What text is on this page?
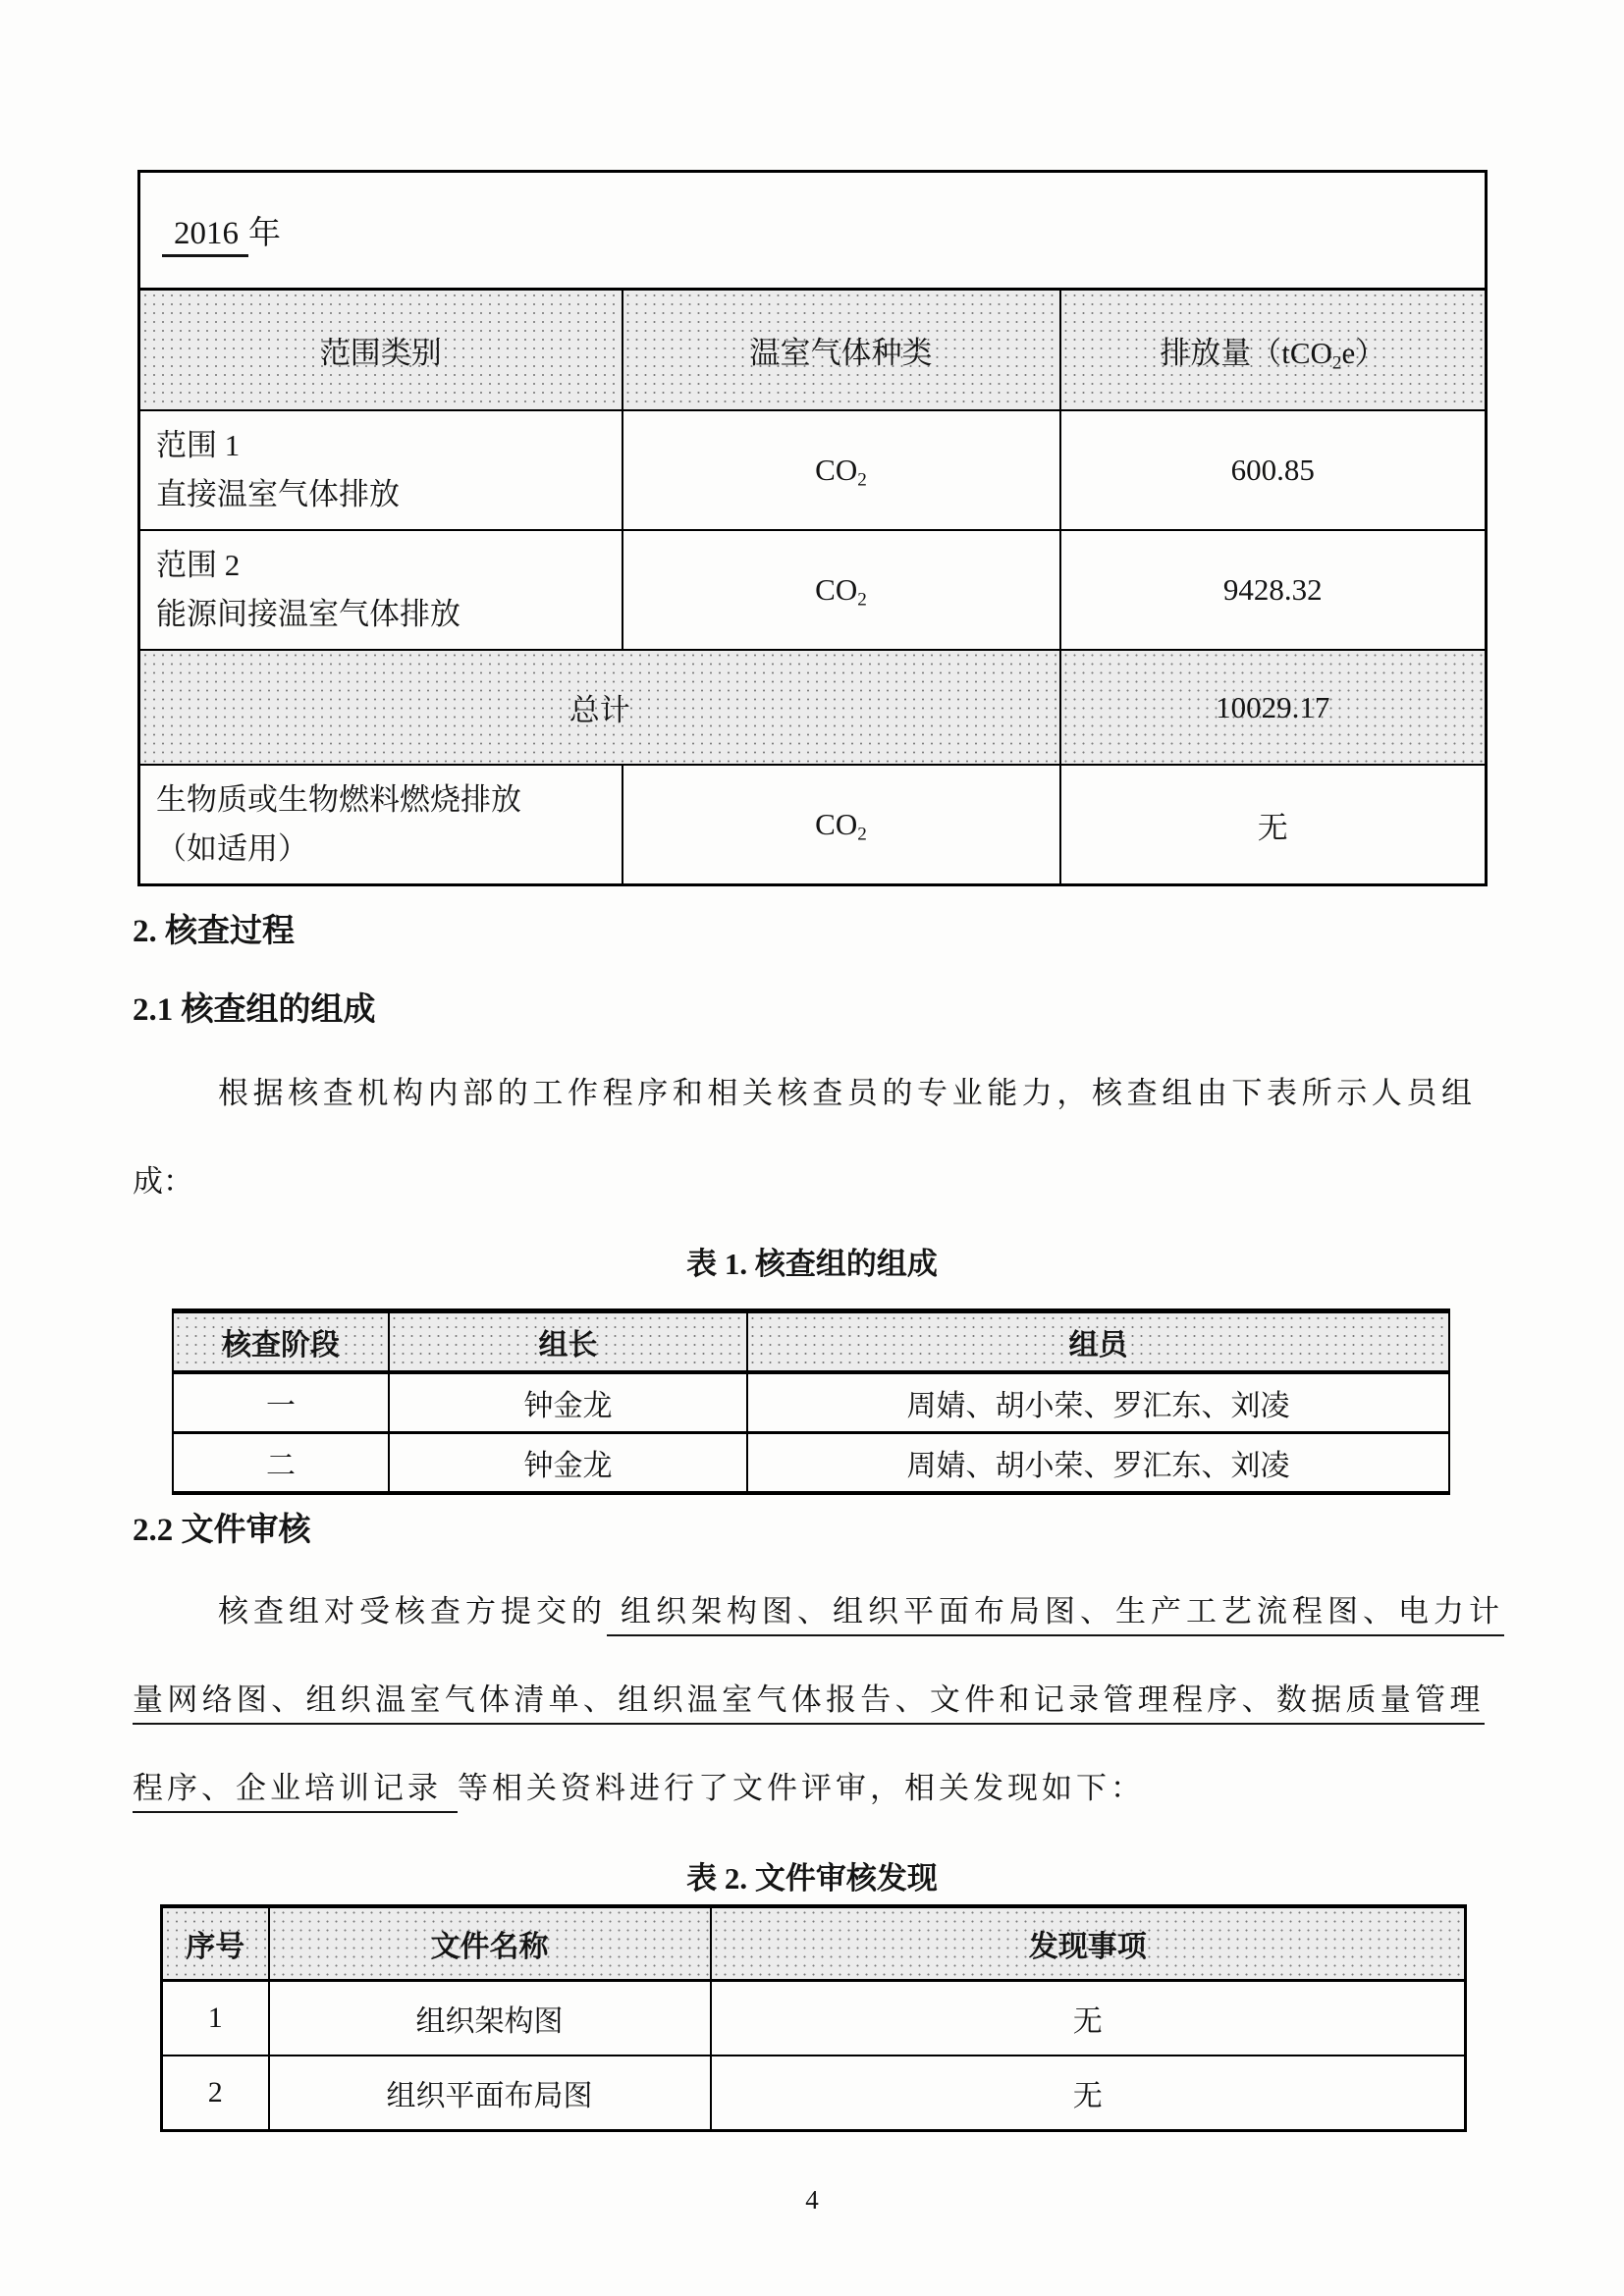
2016 年		
范围类别	温室气体种类	排放量（tCO$_2$e）

范围 1
直接温室气体排放	$CO_2$	600.85

范围 2
能源间接温室气体排放	$CO_2$	9428.32
总计		10029.17

生物质或生物燃料燃烧排放
（如适用）	$CO_2$	无
2. 核查过程
2.1 核查组的组成
根据核查机构内部的工作程序和相关核查员的专业能力，核查组由下表所示人员组
成：
表 1. 核查组的组成
核查阶段	组长	组员
一	钟金龙	周婧、胡小荣、罗汇东、刘凌
二	钟金龙	周婧、胡小荣、罗汇东、刘凌
2.2 文件审核
核查组对受核查方提交的 组织架构图、组织平面布局图、生产工艺流程图、电力计
量网络图、组织温室气体清单、组织温室气体报告、文件和记录管理程序、数据质量管理
程序、企业培训记录 等相关资料进行了文件评审，相关发现如下：
表 2. 文件审核发现
序号	文件名称	发现事项
1	组织架构图	无
2	组织平面布局图	无
4
